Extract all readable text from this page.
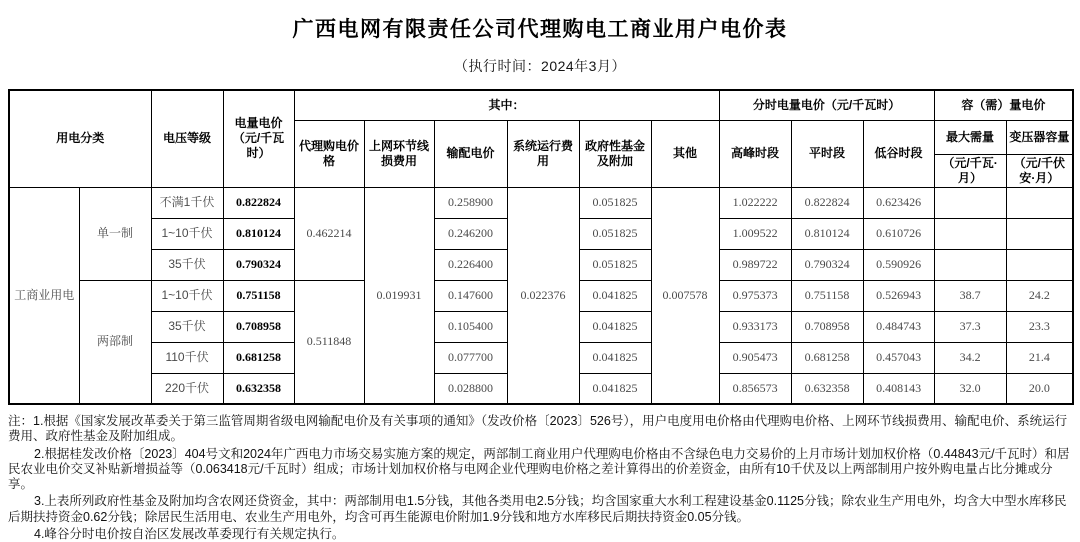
广西电网有限责任公司代理购电工商业用户电价表
（执行时间：2024年3月）
用电分类		电压等级	电量电价
（元/千瓦时）	其中：						分时电量电价（元/千瓦时）			容（需）量电价	
				代理购电价格	上网环节线损费用	输配电价	系统运行费用	政府性基金及附加	其他	高峰时段	平时段	低谷时段	最大需量	变压器容量
													（元/千瓦·月）	（元/千伏安·月）
工商业用电	单一制	不满1千伏	0.822824	0.462214	0.019931	0.258900	0.022376	0.051825	0.007578	1.022222	0.822824	0.623426		
		1~10千伏	0.810124			0.246200		0.051825		1.009522	0.810124	0.610726		
		35千伏	0.790324			0.226400		0.051825		0.989722	0.790324	0.590926		
	两部制	1~10千伏	0.751158	0.511848		0.147600		0.041825		0.975373	0.751158	0.526943	38.7	24.2
		35千伏	0.708958			0.105400		0.041825		0.933173	0.708958	0.484743	37.3	23.3
		110千伏	0.681258			0.077700		0.041825		0.905473	0.681258	0.457043	34.2	21.4
		220千伏	0.632358			0.028800		0.041825		0.856573	0.632358	0.408143	32.0	20.0

注：1.根据《国家发展改革委关于第三监管周期省级电网输配电价及有关事项的通知》（发改价格〔2023〕526号），用户电度用电价格由代理购电价格、上网环节线损费用、输配电价、系统运行费用、政府性基金及附加组成。

2.根据桂发改价格〔2023〕404号文和2024年广西电力市场交易实施方案的规定，两部制工商业用户代理购电价格由不含绿色电力交易价的上月市场计划加权价格（0.44843元/千瓦时）和居民农业电价交叉补贴新增损益等（0.063418元/千瓦时）组成；市场计划加权价格与电网企业代理购电价格之差计算得出的价差资金，由所有10千伏及以上两部制用户按外购电量占比分摊或分享。

3.上表所列政府性基金及附加均含农网还贷资金，其中：两部制用电1.5分钱，其他各类用电2.5分钱；均含国家重大水利工程建设基金0.1125分钱；除农业生产用电外，均含大中型水库移民后期扶持资金0.62分钱；除居民生活用电、农业生产用电外，均含可再生能源电价附加1.9分钱和地方水库移民后期扶持资金0.05分钱。

4.峰谷分时电价按自治区发展改革委现行有关规定执行。
